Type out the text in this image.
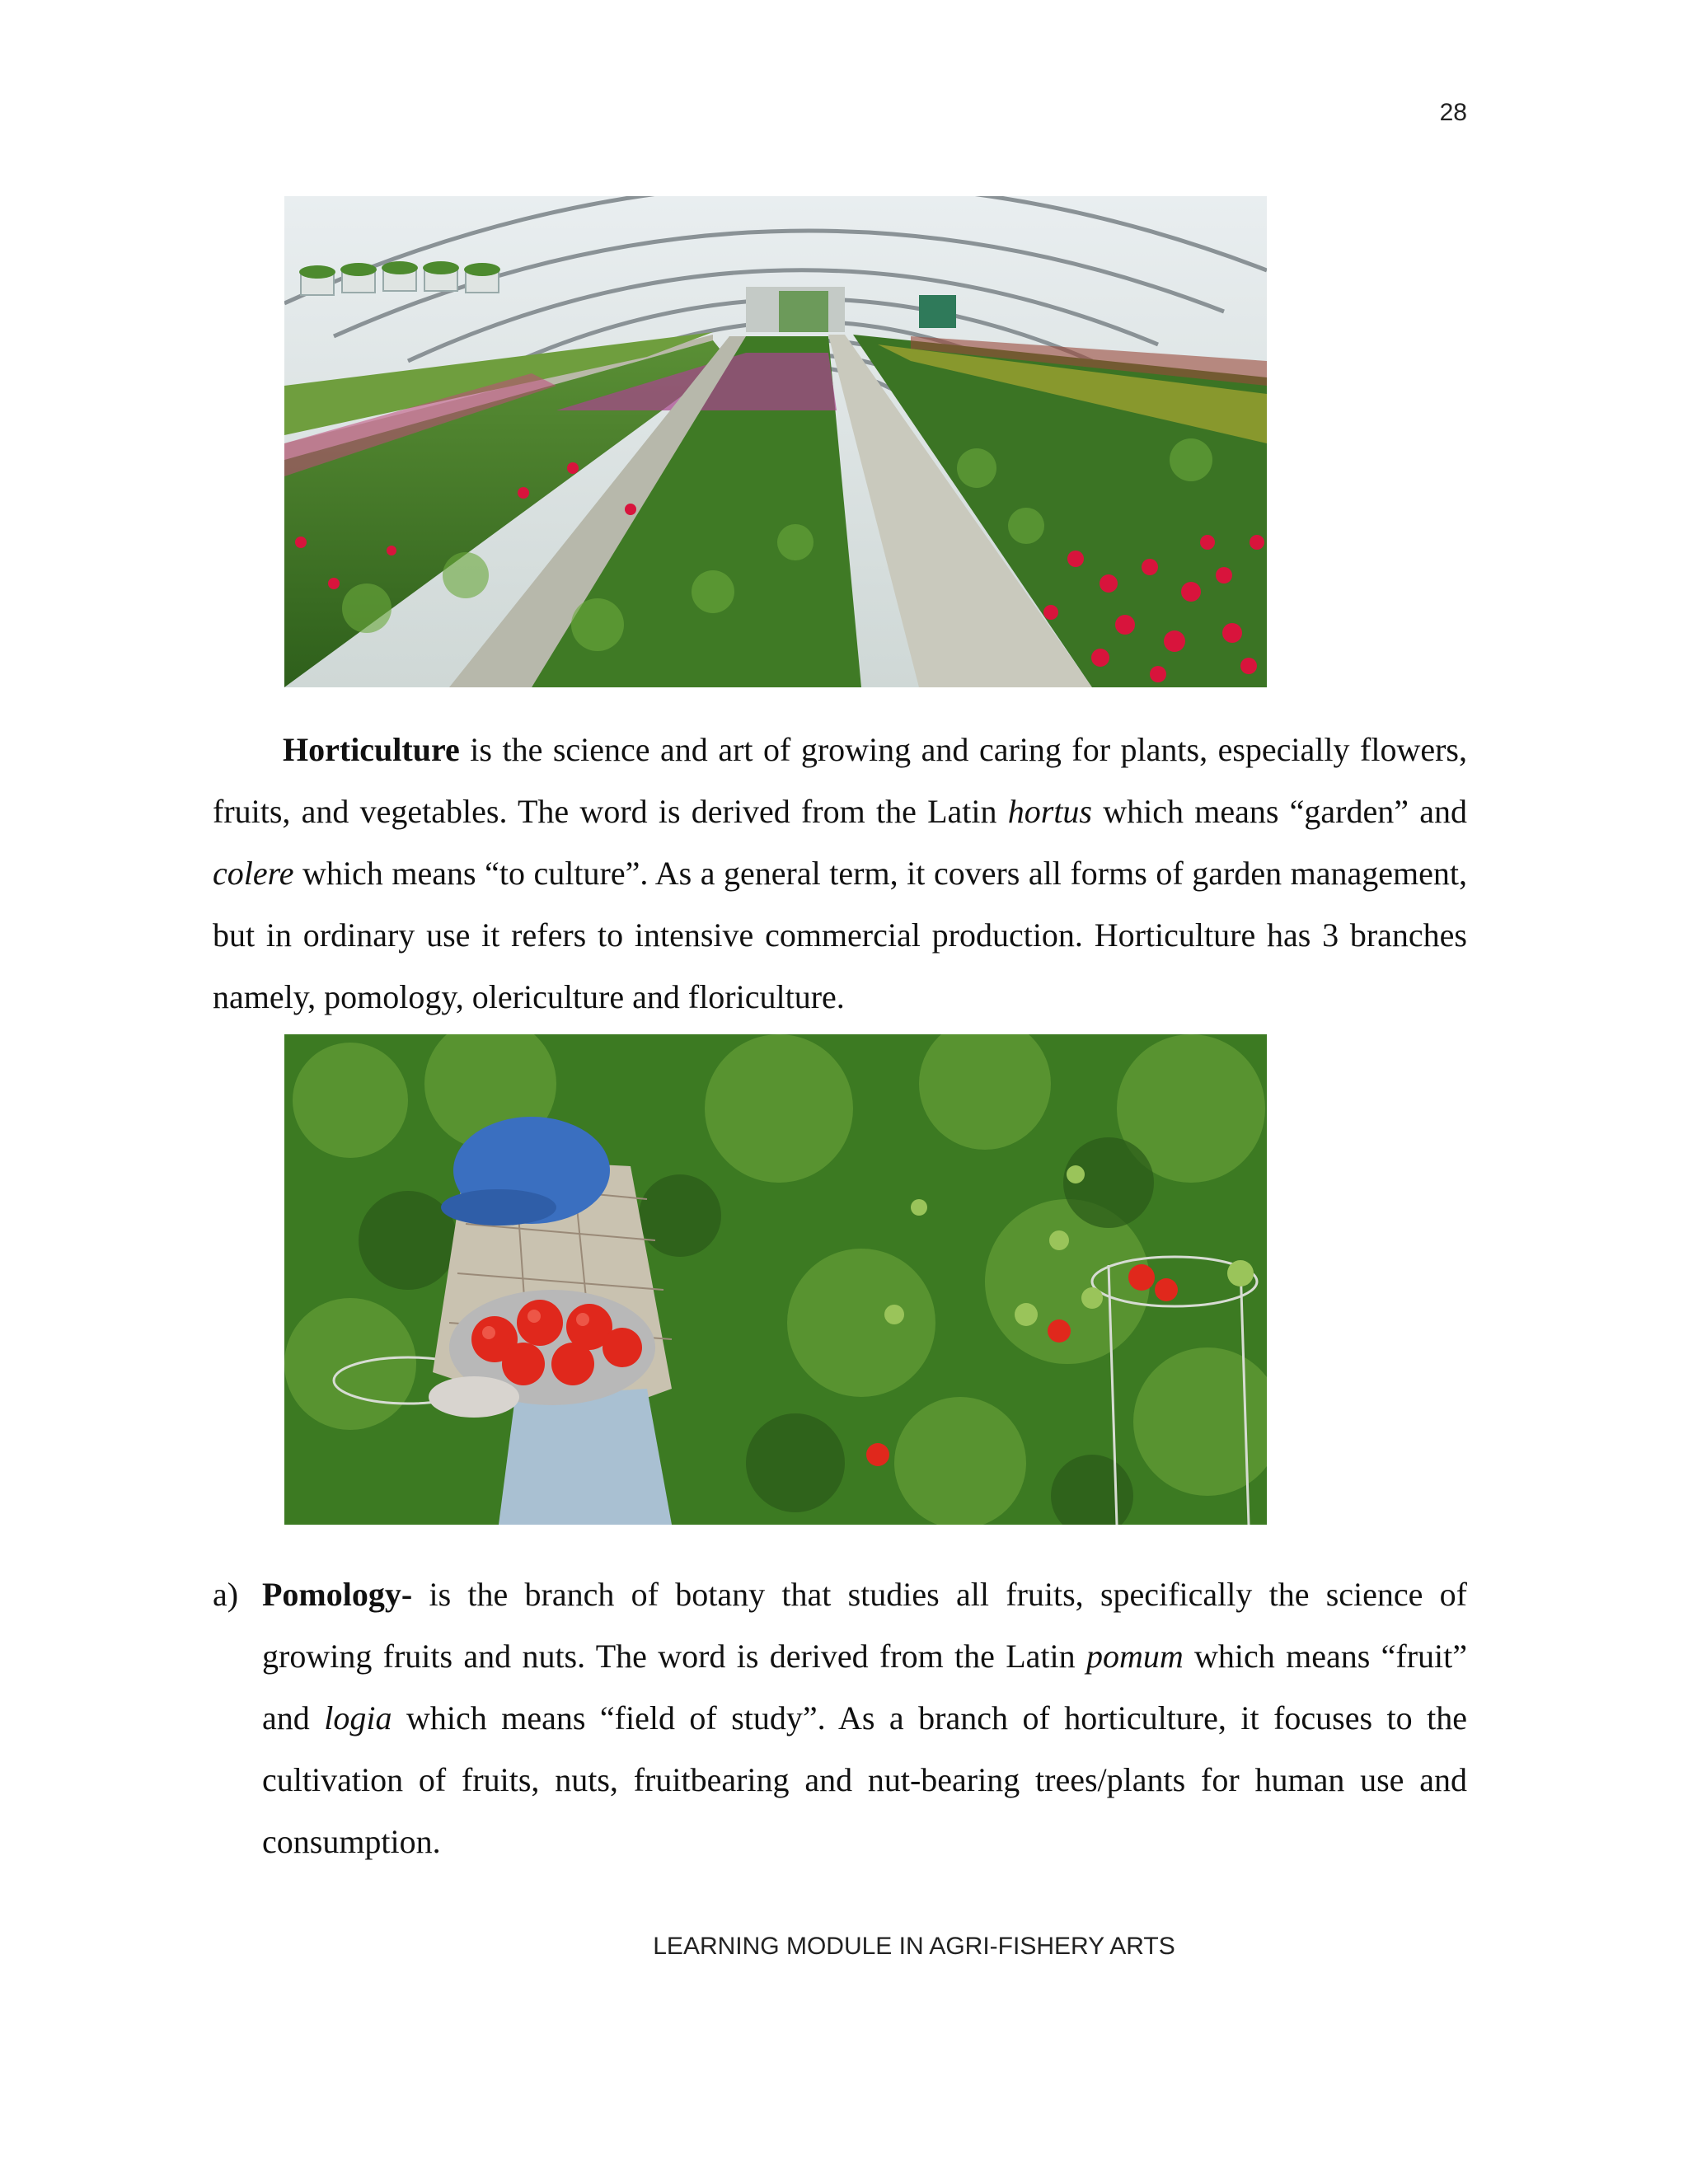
28

Horticulture is the science and art of growing and caring for plants, especially flowers, fruits, and vegetables. The word is derived from the Latin hortus which means “garden” and colere which means “to culture”. As a general term, it covers all forms of garden management, but in ordinary use it refers to intensive commercial production. Horticulture has 3 branches namely, pomology, olericulture and floriculture.

a) Pomology- is the branch of botany that studies all fruits, specifically the science of growing fruits and nuts. The word is derived from the Latin pomum which means “fruit” and logia which means “field of study”. As a branch of horticulture, it focuses to the cultivation of fruits, nuts, fruitbearing and nut-bearing trees/plants for human use and consumption.

LEARNING MODULE IN AGRI-FISHERY ARTS
